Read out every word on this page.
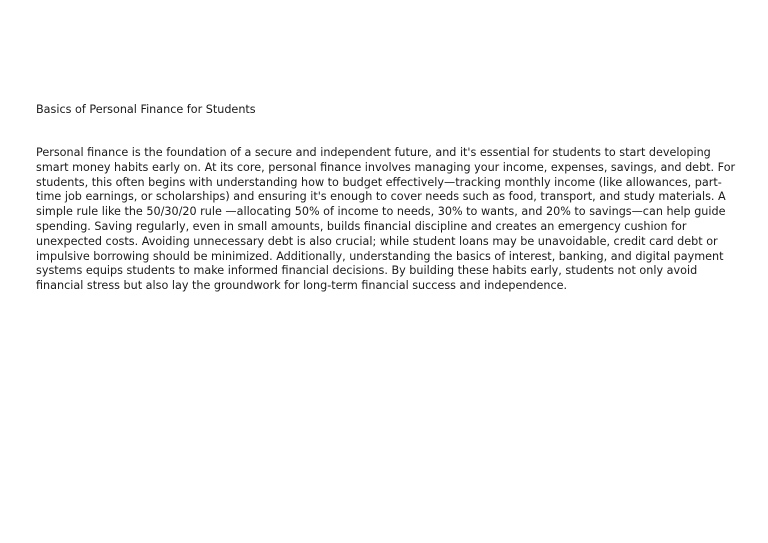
Basics of Personal Finance for Students

Personal finance is the foundation of a secure and independent future, and it's essential for students to start developing smart money habits early on. At its core, personal finance involves managing your income, expenses, savings, and debt. For students, this often begins with understanding how to budget effectively—tracking monthly income (like allowances, part-time job earnings, or scholarships) and ensuring it's enough to cover needs such as food, transport, and study materials. A simple rule like the 50/30/20 rule —allocating 50% of income to needs, 30% to wants, and 20% to savings—can help guide spending. Saving regularly, even in small amounts, builds financial discipline and creates an emergency cushion for unexpected costs. Avoiding unnecessary debt is also crucial; while student loans may be unavoidable, credit card debt or impulsive borrowing should be minimized. Additionally, understanding the basics of interest, banking, and digital payment systems equips students to make informed financial decisions. By building these habits early, students not only avoid financial stress but also lay the groundwork for long-term financial success and independence.
